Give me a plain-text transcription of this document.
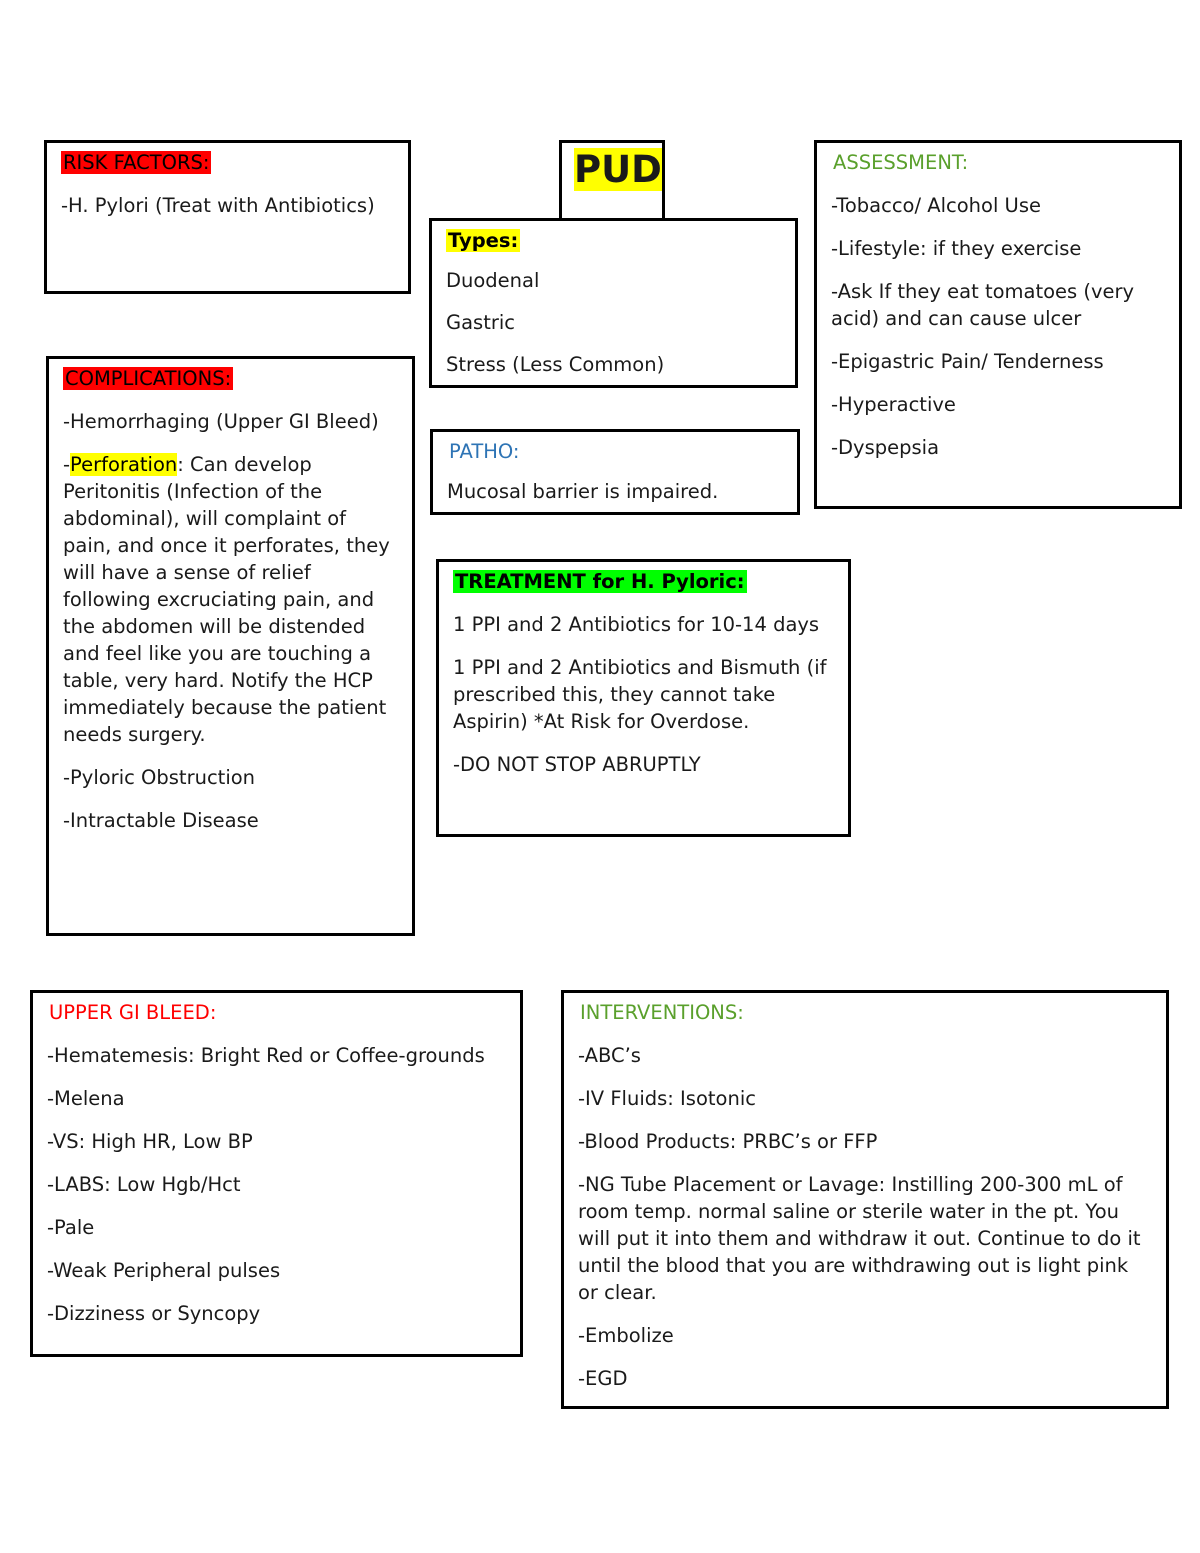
PUD

RISK FACTORS:

-H. Pylori (Treat with Antibiotics)

Types:

Duodenal

Gastric

Stress (Less Common)

ASSESSMENT:

-Tobacco/ Alcohol Use

-Lifestyle: if they exercise

-Ask If they eat tomatoes (very acid) and can cause ulcer

-Epigastric Pain/ Tenderness

-Hyperactive

-Dyspepsia

COMPLICATIONS:

-Hemorrhaging (Upper GI Bleed)

-Perforation: Can develop Peritonitis (Infection of the abdominal), will complaint of pain, and once it perforates, they will have a sense of relief following excruciating pain, and the abdomen will be distended and feel like you are touching a table, very hard. Notify the HCP immediately because the patient needs surgery.

-Pyloric Obstruction

-Intractable Disease

PATHO:

Mucosal barrier is impaired.

TREATMENT for H. Pyloric:

1 PPI and 2 Antibiotics for 10-14 days

1 PPI and 2 Antibiotics and Bismuth (if prescribed this, they cannot take Aspirin) *At Risk for Overdose.

-DO NOT STOP ABRUPTLY

UPPER GI BLEED:

-Hematemesis: Bright Red or Coffee-grounds

-Melena

-VS: High HR, Low BP

-LABS: Low Hgb/Hct

-Pale

-Weak Peripheral pulses

-Dizziness or Syncopy

INTERVENTIONS:

-ABC’s

-IV Fluids: Isotonic

-Blood Products: PRBC’s or FFP

-NG Tube Placement or Lavage: Instilling 200-300 mL of room temp. normal saline or sterile water in the pt. You will put it into them and withdraw it out. Continue to do it until the blood that you are withdrawing out is light pink or clear.

-Embolize

-EGD
